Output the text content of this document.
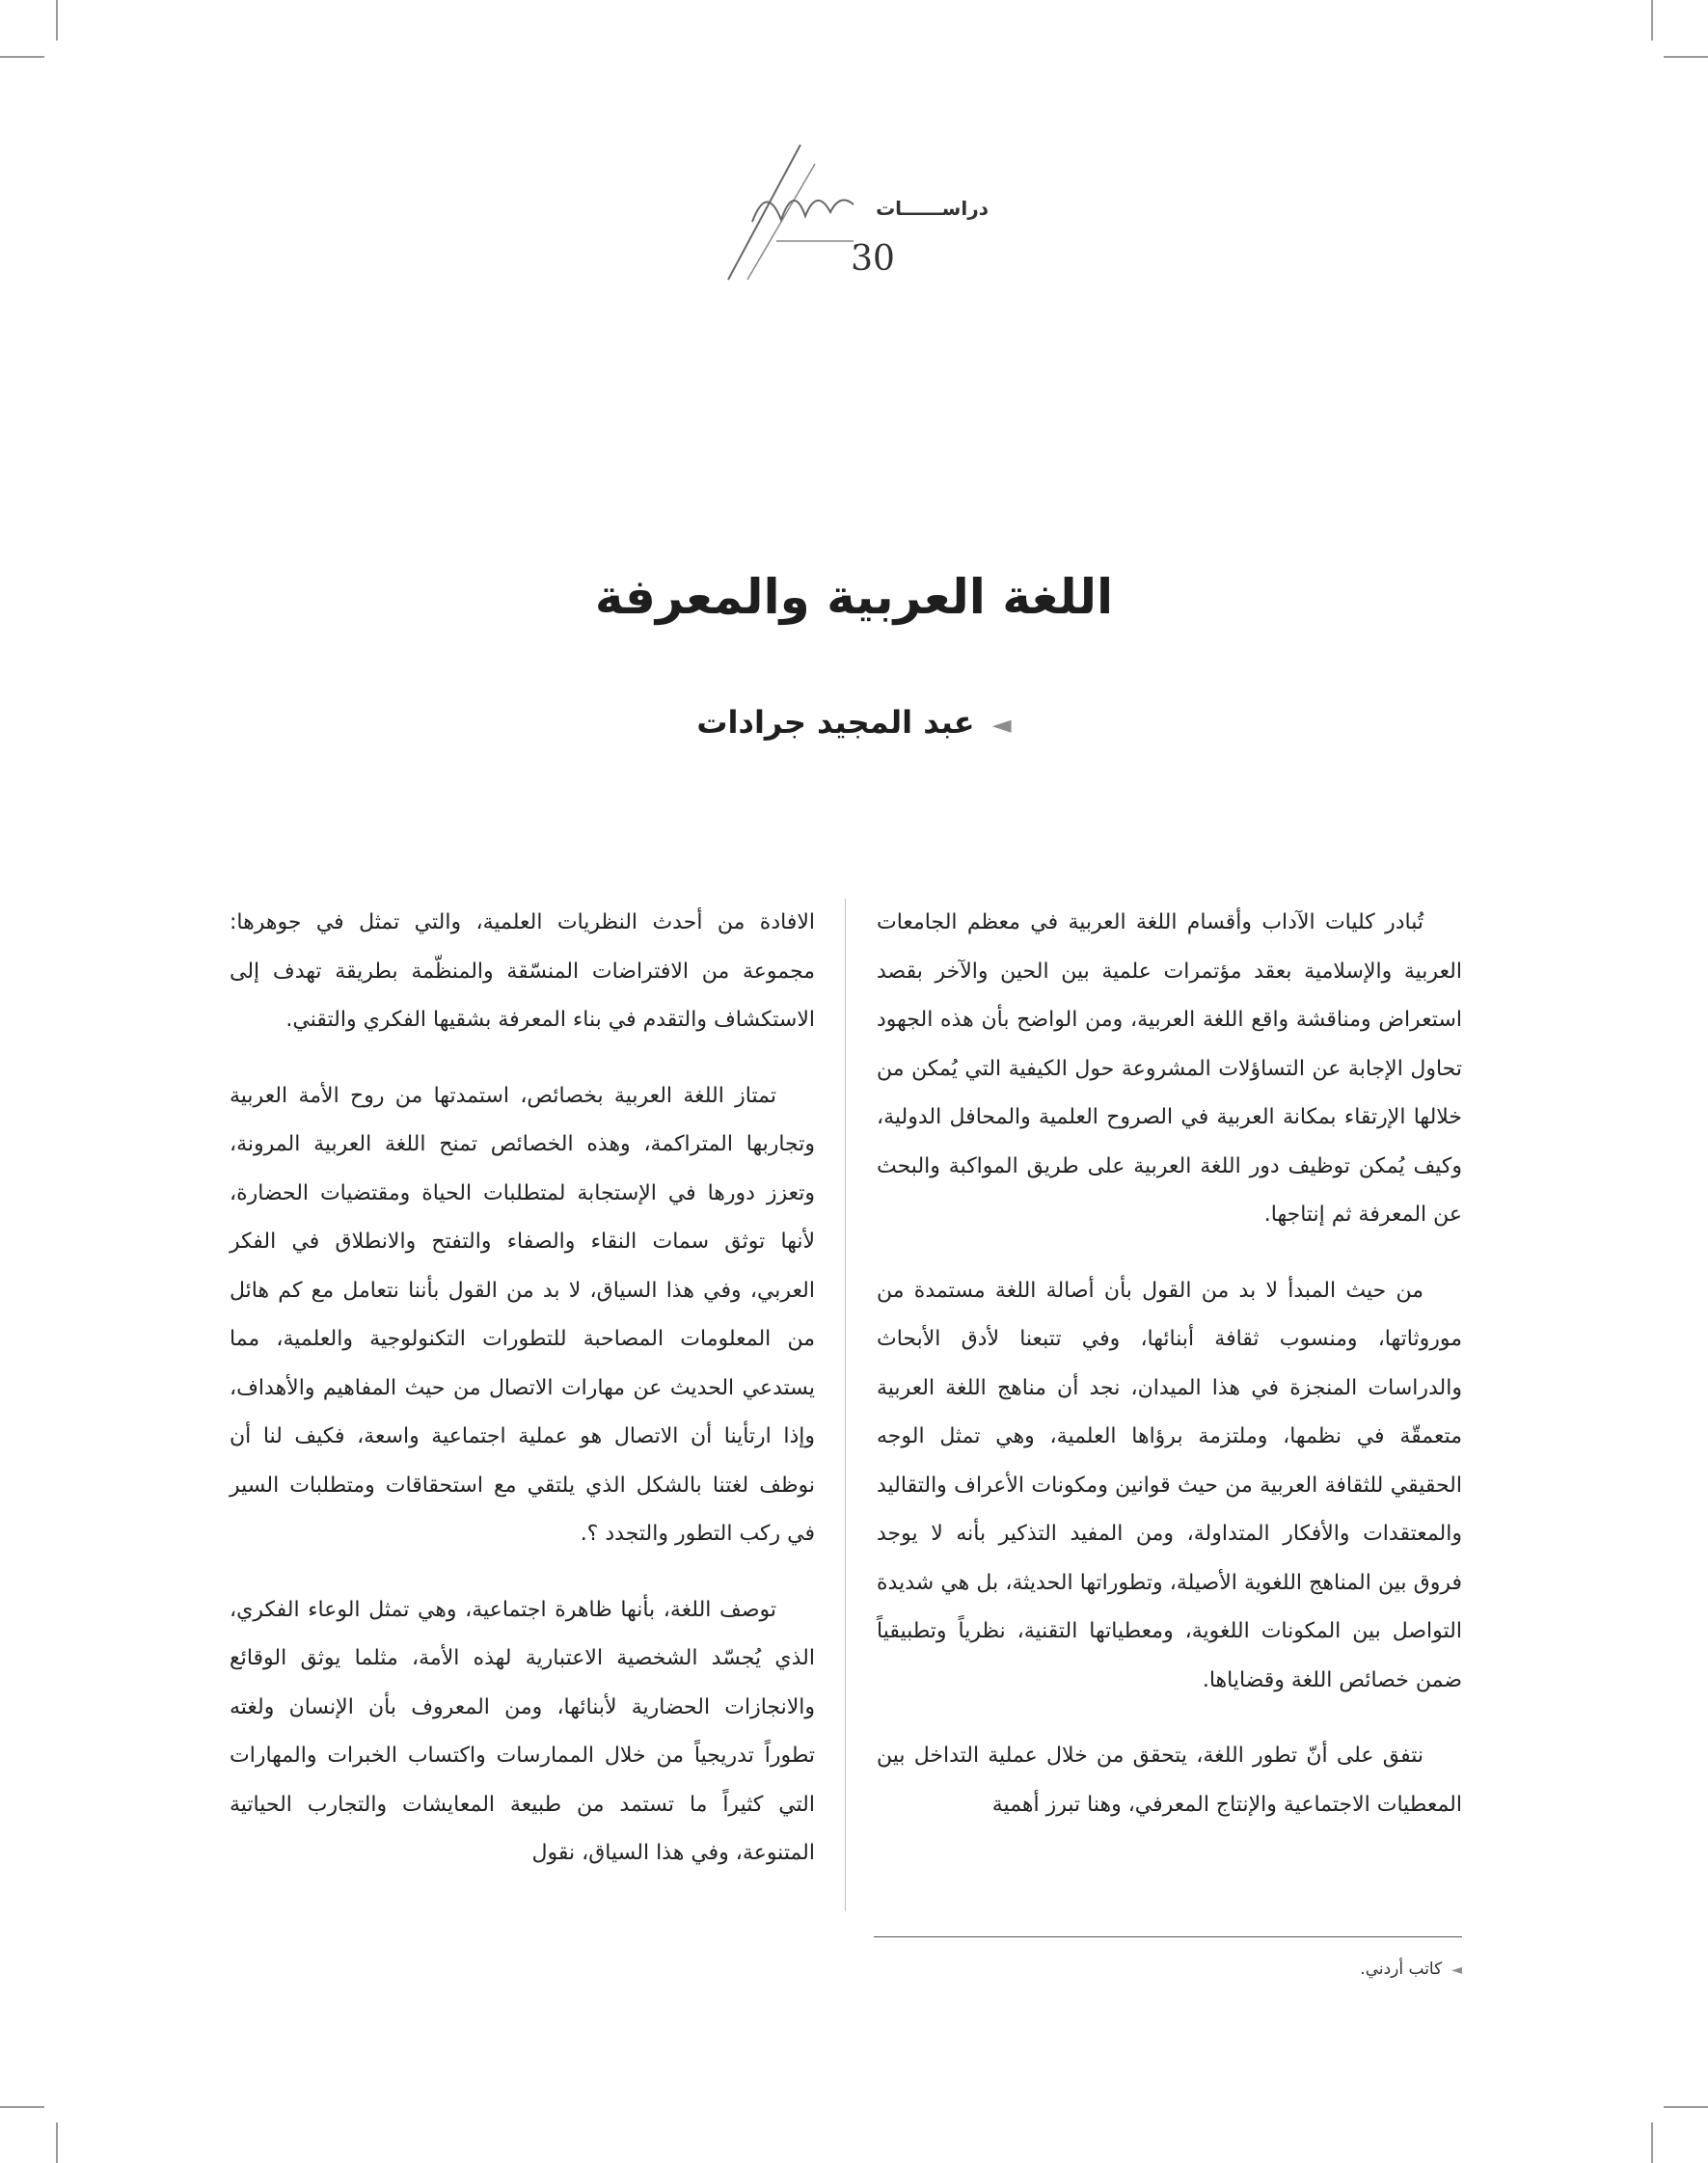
دراســــــات
30
اللغة العربية والمعرفة
◄عبد المجيد جرادات

تُبادر كليات الآداب وأقسام اللغة العربية في معظم الجامعات العربية والإسلامية بعقد مؤتمرات علمية بين الحين والآخر بقصد استعراض ومناقشة واقع اللغة العربية، ومن الواضح بأن هذه الجهود تحاول الإجابة عن التساؤلات المشروعة حول الكيفية التي يُمكن من خلالها الإرتقاء بمكانة العربية في الصروح العلمية والمحافل الدولية، وكيف يُمكن توظيف دور اللغة العربية على طريق المواكبة والبحث عن المعرفة ثم إنتاجها.

من حيث المبدأ لا بد من القول بأن أصالة اللغة مستمدة من موروثاتها، ومنسوب ثقافة أبنائها، وفي تتبعنا لأدق الأبحاث والدراسات المنجزة في هذا الميدان، نجد أن مناهج اللغة العربية متعمقّة في نظمها، وملتزمة برؤاها العلمية، وهي تمثل الوجه الحقيقي للثقافة العربية من حيث قوانين ومكونات الأعراف والتقاليد والمعتقدات والأفكار المتداولة، ومن المفيد التذكير بأنه لا يوجد فروق بين المناهج اللغوية الأصيلة، وتطوراتها الحديثة، بل هي شديدة التواصل بين المكونات اللغوية، ومعطياتها التقنية، نظرياً وتطبيقياً ضمن خصائص اللغة وقضاياها.

نتفق على أنّ تطور اللغة، يتحقق من خلال عملية التداخل بين المعطيات الاجتماعية والإنتاج المعرفي، وهنا تبرز أهمية

الافادة من أحدث النظريات العلمية، والتي تمثل في جوهرها: مجموعة من الافتراضات المنسّقة والمنظّمة بطريقة تهدف إلى الاستكشاف والتقدم في بناء المعرفة بشقيها الفكري والتقني.

تمتاز اللغة العربية بخصائص، استمدتها من روح الأمة العربية وتجاربها المتراكمة، وهذه الخصائص تمنح اللغة العربية المرونة، وتعزز دورها في الإستجابة لمتطلبات الحياة ومقتضيات الحضارة، لأنها توثق سمات النقاء والصفاء والتفتح والانطلاق في الفكر العربي، وفي هذا السياق، لا بد من القول بأننا نتعامل مع كم هائل من المعلومات المصاحبة للتطورات التكنولوجية والعلمية، مما يستدعي الحديث عن مهارات الاتصال من حيث المفاهيم والأهداف، وإذا ارتأينا أن الاتصال هو عملية اجتماعية واسعة، فكيف لنا أن نوظف لغتنا بالشكل الذي يلتقي مع استحقاقات ومتطلبات السير في ركب التطور والتجدد ؟.

توصف اللغة، بأنها ظاهرة اجتماعية، وهي تمثل الوعاء الفكري، الذي يُجسّد الشخصية الاعتبارية لهذه الأمة، مثلما يوثق الوقائع والانجازات الحضارية لأبنائها، ومن المعروف بأن الإنسان ولغته تطوراً تدريجياً من خلال الممارسات واكتساب الخبرات والمهارات التي كثيراً ما تستمد من طبيعة المعايشات والتجارب الحياتية المتنوعة، وفي هذا السياق، نقول

◄كاتب أردني.
